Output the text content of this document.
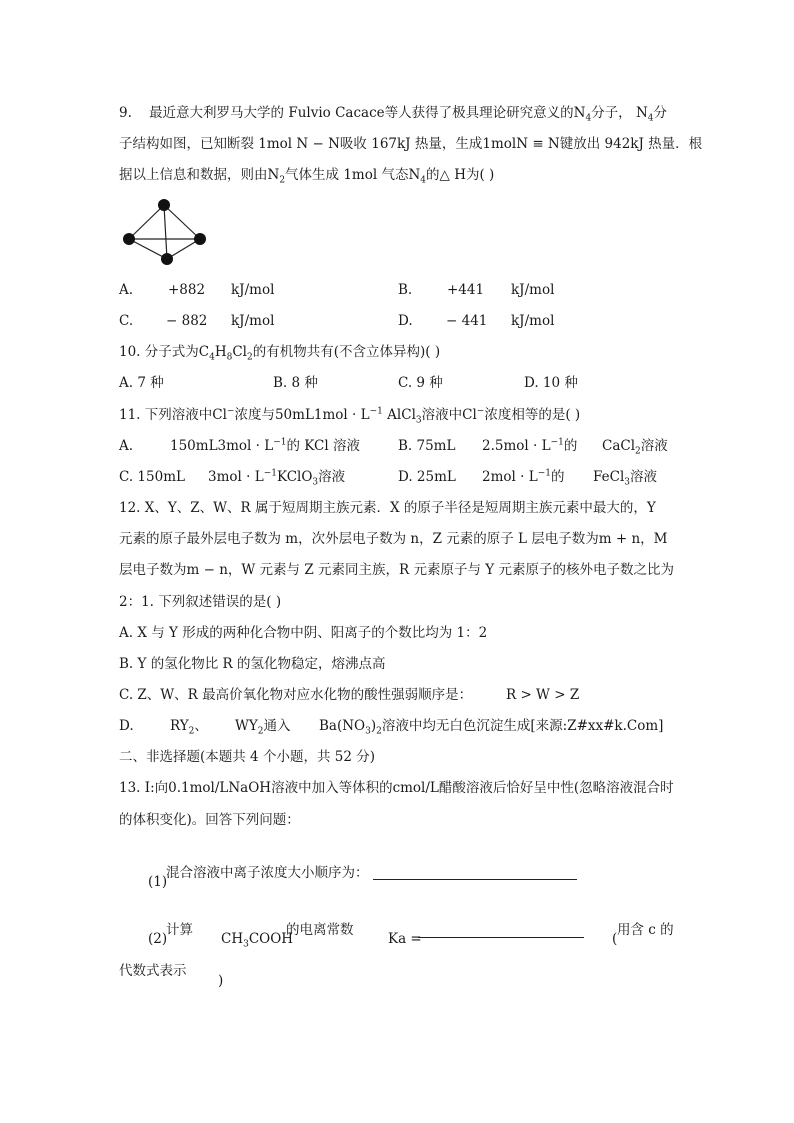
9. 最近意大利罗马大学的 Fulvio Cacace等人获得了极具理论研究意义的$N_4$分子， $N_4$分
子结构如图，已知断裂 1mol N − N吸收 167kJ 热量，生成1molN ≡ N键放出 942kJ 热量．根
据以上信息和数据，则由$N_2$气体生成 1mol 气态$N_4$的△ H为( )
A.	+882 kJ/mol	B.	+441 kJ/mol
C. − 882 kJ/mol	D. − 441 kJ/mol
10. 分子式为$C_4H_8Cl_2$的有机物共有(不含立体异构)( )
A. 7 种	B. 8 种	C. 9 种	D. 10 种
11. 下列溶液中Cl−浓度与$50mL1mol \cdot L^{-1}$ AlCl$_3$溶液中Cl−浓度相等的是( )
A.	$150mL3mol \cdot L^{-1}$的 KCl 溶液	B. 75mL $2.5mol \cdot L^{-1}$的 CaCl$_2$溶液
C. 150mL $3mol \cdot L^{-1}KClO_3$溶液	D. 25mL $2mol \cdot L^{-1}$的 FeCl$_3$溶液
12. X、Y、Z、W、R 属于短周期主族元素．X 的原子半径是短周期主族元素中最大的，Y
元素的原子最外层电子数为 m，次外层电子数为 n，Z 元素的原子 L 层电子数为m + n，M
层电子数为m − n，W 元素与 Z 元素同主族，R 元素原子与 Y 元素原子的核外电子数之比为
2：1. 下列叙述错误的是( )
A. X 与 Y 形成的两种化合物中阴、阳离子的个数比均为 1：2
B. Y 的氢化物比 R 的氢化物稳定，熔沸点高
C. Z、W、R 最高价氧化物对应水化物的酸性强弱顺序是：	R > W > Z
D.	$RY_2$、 $WY_2$通入 $Ba(NO_3)_2$溶液中均无白色沉淀生成[来源:Z#xx#k.Com]
二、非选择题(本题共 4 个小题，共 52 分)
13. I:向0.1mol/LNaOH溶液中加入等体积的cmol/L醋酸溶液后恰好呈中性(忽略溶液混合时
的体积变化)。回答下列问题：
(1)
混合溶液中离子浓度大小顺序为：
(2)
计算
$CH_3COOH$
的电离常数
Ka =	(
用含 c 的
代数式表示
)
